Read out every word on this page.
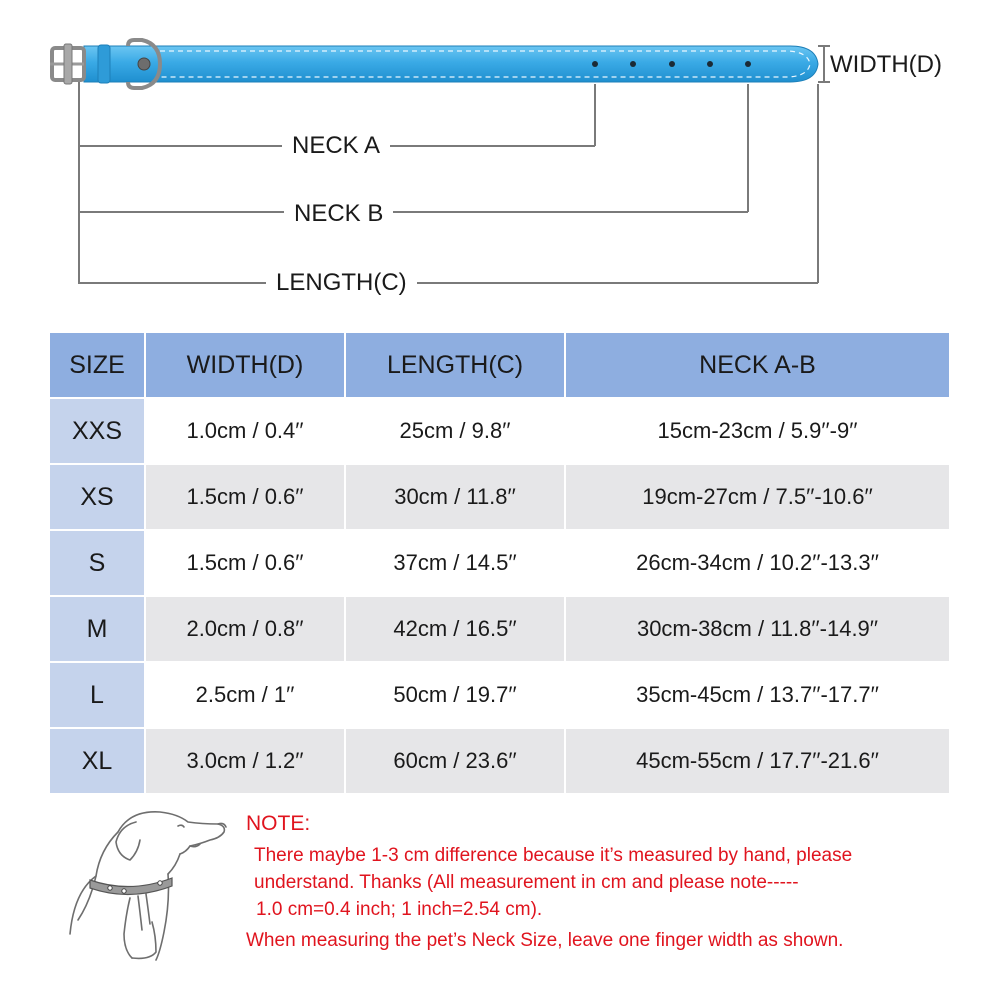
WIDTH(D)
NECK A
NECK B
LENGTH(C)
SIZE	WIDTH(D)	LENGTH(C)	NECK A-B
XXS	1.0cm / 0.4′′	25cm / 9.8′′	15cm-23cm / 5.9′′-9′′
XS	1.5cm / 0.6′′	30cm / 11.8′′	19cm-27cm / 7.5′′-10.6′′
S	1.5cm / 0.6′′	37cm / 14.5′′	26cm-34cm / 10.2′′-13.3′′
M	2.0cm / 0.8′′	42cm / 16.5′′	30cm-38cm / 11.8′′-14.9′′
L	2.5cm / 1′′	50cm / 19.7′′	35cm-45cm / 13.7′′-17.7′′
XL	3.0cm / 1.2′′	60cm / 23.6′′	45cm-55cm / 17.7′′-21.6′′
NOTE:
There maybe 1-3 cm difference because it’s measured by hand, please
understand. Thanks (All measurement in cm and please note-----
1.0 cm=0.4 inch; 1 inch=2.54 cm).
When measuring the pet’s Neck Size, leave one finger width as shown.
